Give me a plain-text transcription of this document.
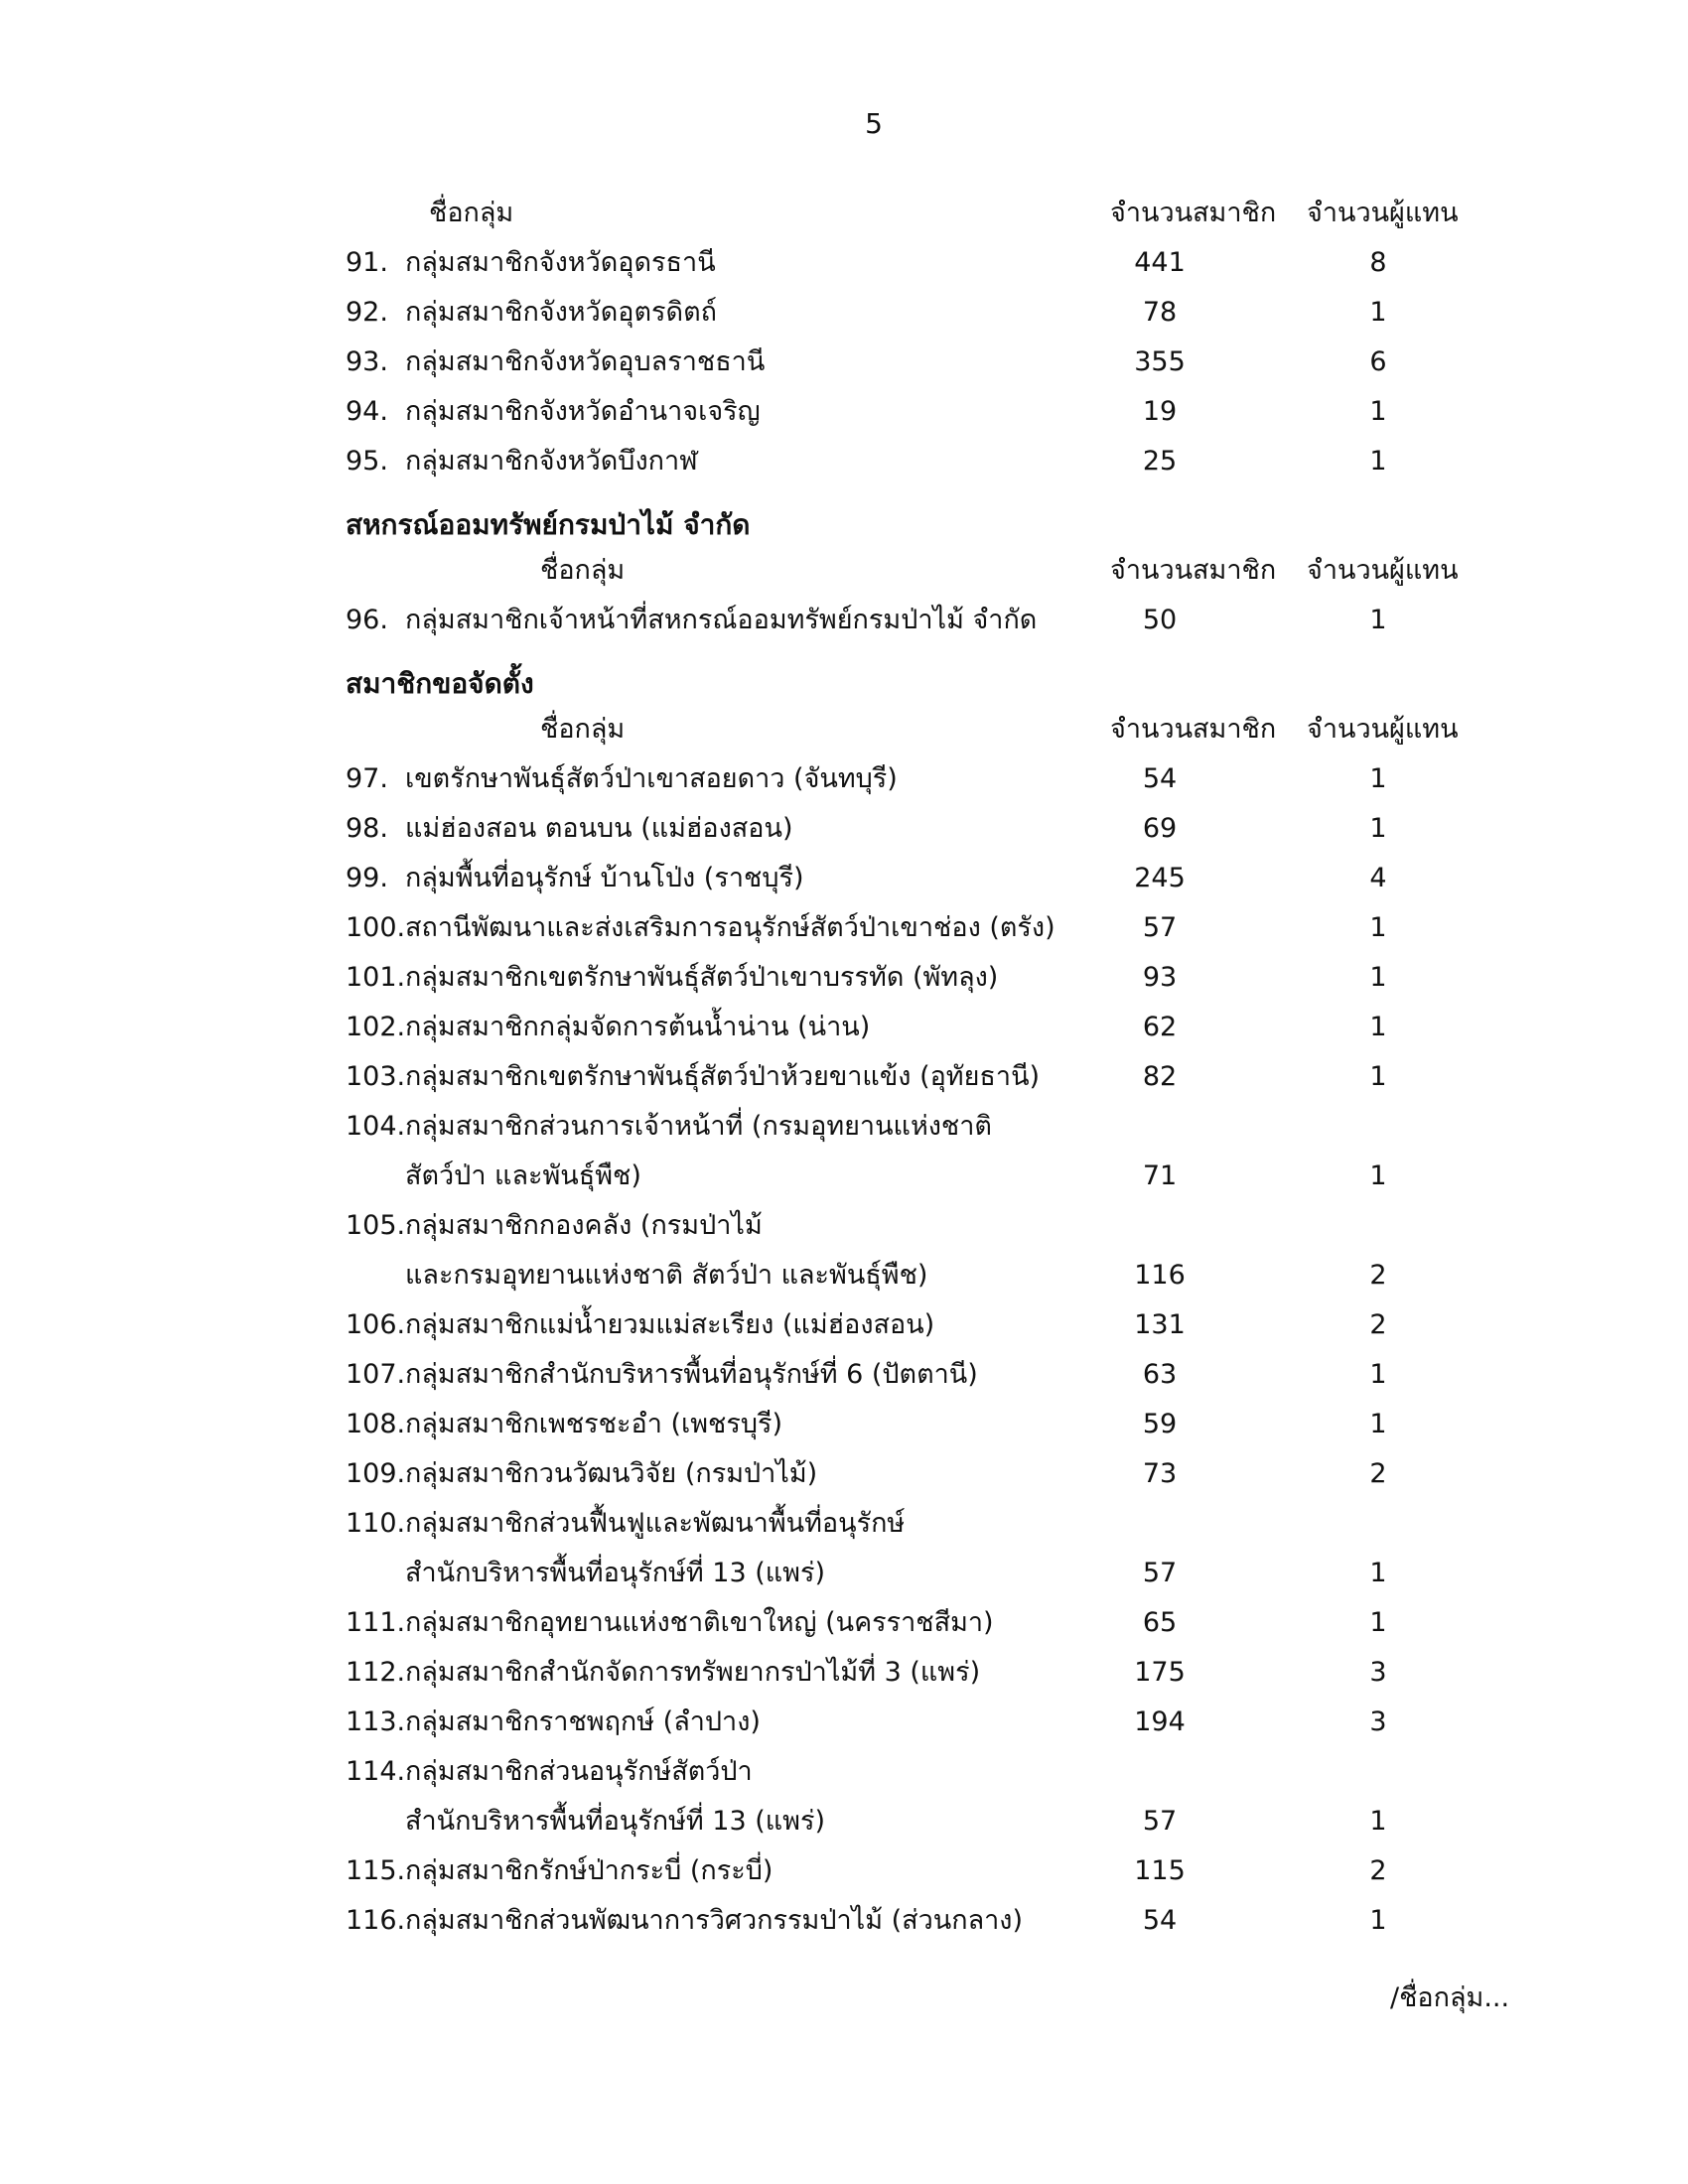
5
ชื่อกลุ่ม	จำนวนสมาชิก จำนวนผู้แทน
91. กลุ่มสมาชิกจังหวัดอุดรธานี	441	8
92. กลุ่มสมาชิกจังหวัดอุตรดิตถ์	78	1
93. กลุ่มสมาชิกจังหวัดอุบลราชธานี	355	6
94. กลุ่มสมาชิกจังหวัดอำนาจเจริญ	19	1
95. กลุ่มสมาชิกจังหวัดบึงกาฬ	25	1
สหกรณ์ออมทรัพย์กรมป่าไม้ จำกัด
ชื่อกลุ่ม	จำนวนสมาชิก จำนวนผู้แทน
96. กลุ่มสมาชิกเจ้าหน้าที่สหกรณ์ออมทรัพย์กรมป่าไม้ จำกัด	50	1
สมาชิกขอจัดตั้ง
ชื่อกลุ่ม	จำนวนสมาชิก จำนวนผู้แทน
97. เขตรักษาพันธุ์สัตว์ป่าเขาสอยดาว (จันทบุรี)	54	1
98. แม่ฮ่องสอน ตอนบน (แม่ฮ่องสอน)	69	1
99. กลุ่มพื้นที่อนุรักษ์ บ้านโป่ง (ราชบุรี)	245	4
100.สถานีพัฒนาและส่งเสริมการอนุรักษ์สัตว์ป่าเขาช่อง (ตรัง)	57	1
101.กลุ่มสมาชิกเขตรักษาพันธุ์สัตว์ป่าเขาบรรทัด (พัทลุง)	93	1
102.กลุ่มสมาชิกกลุ่มจัดการต้นน้ำน่าน (น่าน)	62	1
103.กลุ่มสมาชิกเขตรักษาพันธุ์สัตว์ป่าห้วยขาแข้ง (อุทัยธานี)	82	1
104.กลุ่มสมาชิกส่วนการเจ้าหน้าที่ (กรมอุทยานแห่งชาติ
สัตว์ป่า และพันธุ์พืช)	71	1
105.กลุ่มสมาชิกกองคลัง (กรมป่าไม้
และกรมอุทยานแห่งชาติ สัตว์ป่า และพันธุ์พืช)	116	2
106.กลุ่มสมาชิกแม่น้ำยวมแม่สะเรียง (แม่ฮ่องสอน)	131	2
107.กลุ่มสมาชิกสำนักบริหารพื้นที่อนุรักษ์ที่ 6 (ปัตตานี)	63	1
108.กลุ่มสมาชิกเพชรชะอำ (เพชรบุรี)	59	1
109.กลุ่มสมาชิกวนวัฒนวิจัย (กรมป่าไม้)	73	2
110.กลุ่มสมาชิกส่วนฟื้นฟูและพัฒนาพื้นที่อนุรักษ์
สำนักบริหารพื้นที่อนุรักษ์ที่ 13 (แพร่)	57	1
111.กลุ่มสมาชิกอุทยานแห่งชาติเขาใหญ่ (นครราชสีมา)	65	1
112.กลุ่มสมาชิกสำนักจัดการทรัพยากรป่าไม้ที่ 3 (แพร่)	175	3
113.กลุ่มสมาชิกราชพฤกษ์ (ลำปาง)	194	3
114.กลุ่มสมาชิกส่วนอนุรักษ์สัตว์ป่า
สำนักบริหารพื้นที่อนุรักษ์ที่ 13 (แพร่)	57	1
115.กลุ่มสมาชิกรักษ์ป่ากระบี่ (กระบี่)	115	2
116.กลุ่มสมาชิกส่วนพัฒนาการวิศวกรรมป่าไม้ (ส่วนกลาง)	54	1
/ชื่อกลุ่ม...
